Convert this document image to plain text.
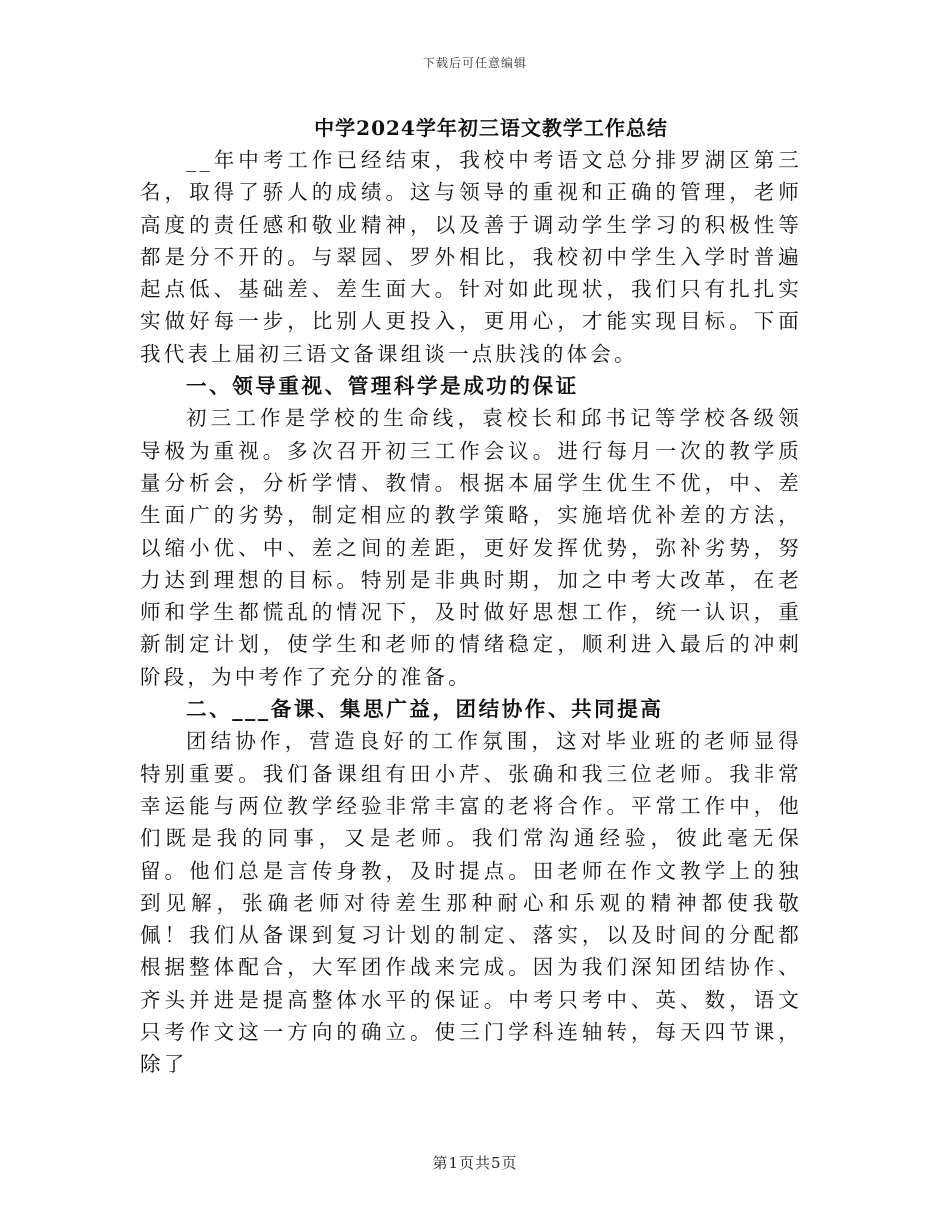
下载后可任意编辑
中学2024学年初三语文教学工作总结

__年中考工作已经结束，我校中考语文总分排罗湖区第三名，取得了骄人的成绩。这与领导的重视和正确的管理，老师高度的责任感和敬业精神，以及善于调动学生学习的积极性等都是分不开的。与翠园、罗外相比，我校初中学生入学时普遍起点低、基础差、差生面大。针对如此现状，我们只有扎扎实实做好每一步，比别人更投入，更用心，才能实现目标。下面我代表上届初三语文备课组谈一点肤浅的体会。

一、领导重视、管理科学是成功的保证

初三工作是学校的生命线，袁校长和邱书记等学校各级领导极为重视。多次召开初三工作会议。进行每月一次的教学质量分析会，分析学情、教情。根据本届学生优生不优，中、差生面广的劣势，制定相应的教学策略，实施培优补差的方法，以缩小优、中、差之间的差距，更好发挥优势，弥补劣势，努力达到理想的目标。特别是非典时期，加之中考大改革，在老师和学生都慌乱的情况下，及时做好思想工作，统一认识，重新制定计划，使学生和老师的情绪稳定，顺利进入最后的冲刺阶段，为中考作了充分的准备。

二、___备课、集思广益，团结协作、共同提高

团结协作，营造良好的工作氛围，这对毕业班的老师显得特别重要。我们备课组有田小芹、张确和我三位老师。我非常幸运能与两位教学经验非常丰富的老将合作。平常工作中，他们既是我的同事，又是老师。我们常沟通经验，彼此毫无保留。他们总是言传身教，及时提点。田老师在作文教学上的独到见解，张确老师对待差生那种耐心和乐观的精神都使我敬佩！我们从备课到复习计划的制定、落实，以及时间的分配都根据整体配合，大军团作战来完成。因为我们深知团结协作、齐头并进是提高整体水平的保证。中考只考中、英、数，语文只考作文这一方向的确立。使三门学科连轴转，每天四节课，除了

第1页共5页
